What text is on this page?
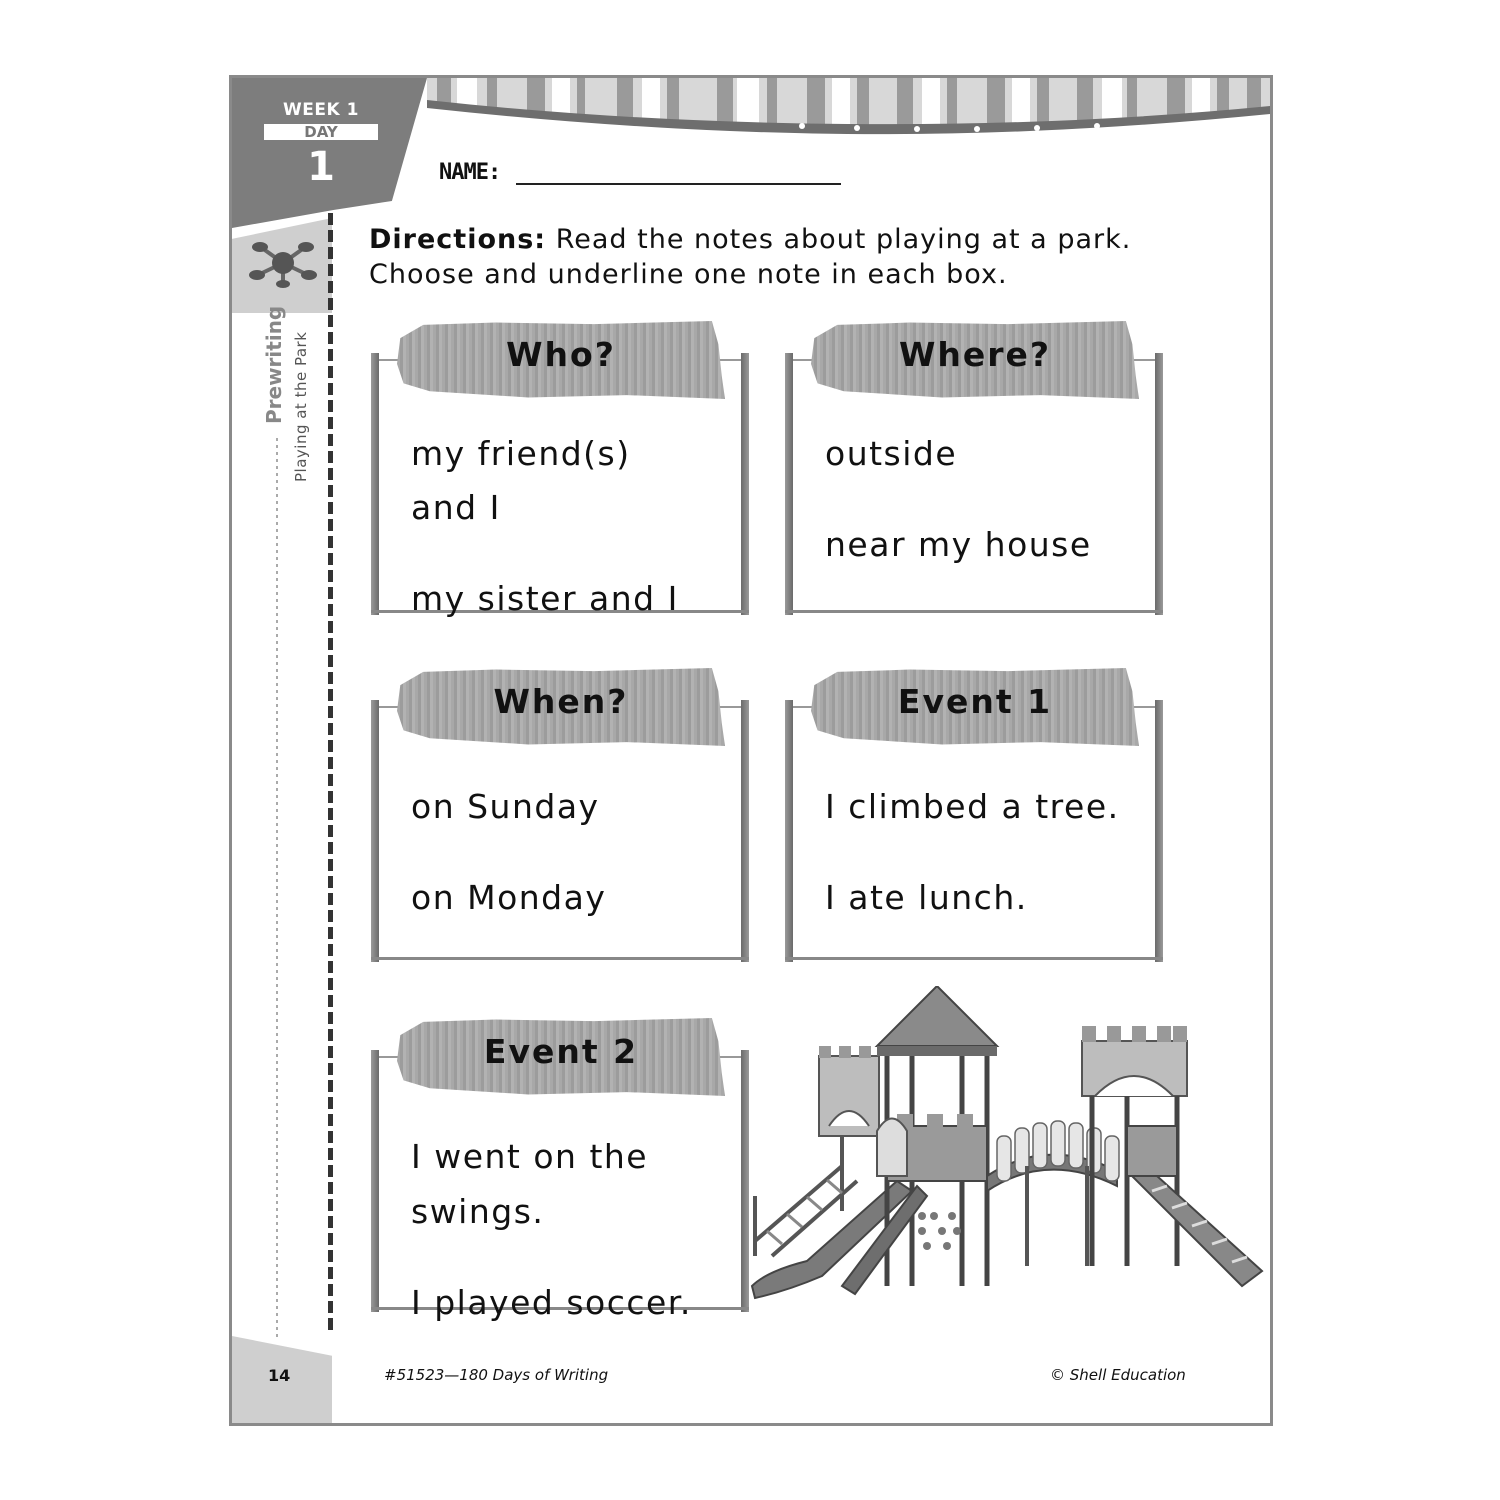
WEEK 1
DAY
1
Prewriting Playing at the Park
14
NAME:
Directions: Read the notes about playing at a park. Choose and underline one note in each box.
Who?
my friend(s)
and I
my sister and I
Where?
outside
near my house
When?
on Sunday
on Monday
Event 1
I climbed a tree.
I ate lunch.
Event 2
I went on the
swings.
I played soccer.
#51523—180 Days of Writing	© Shell Education
